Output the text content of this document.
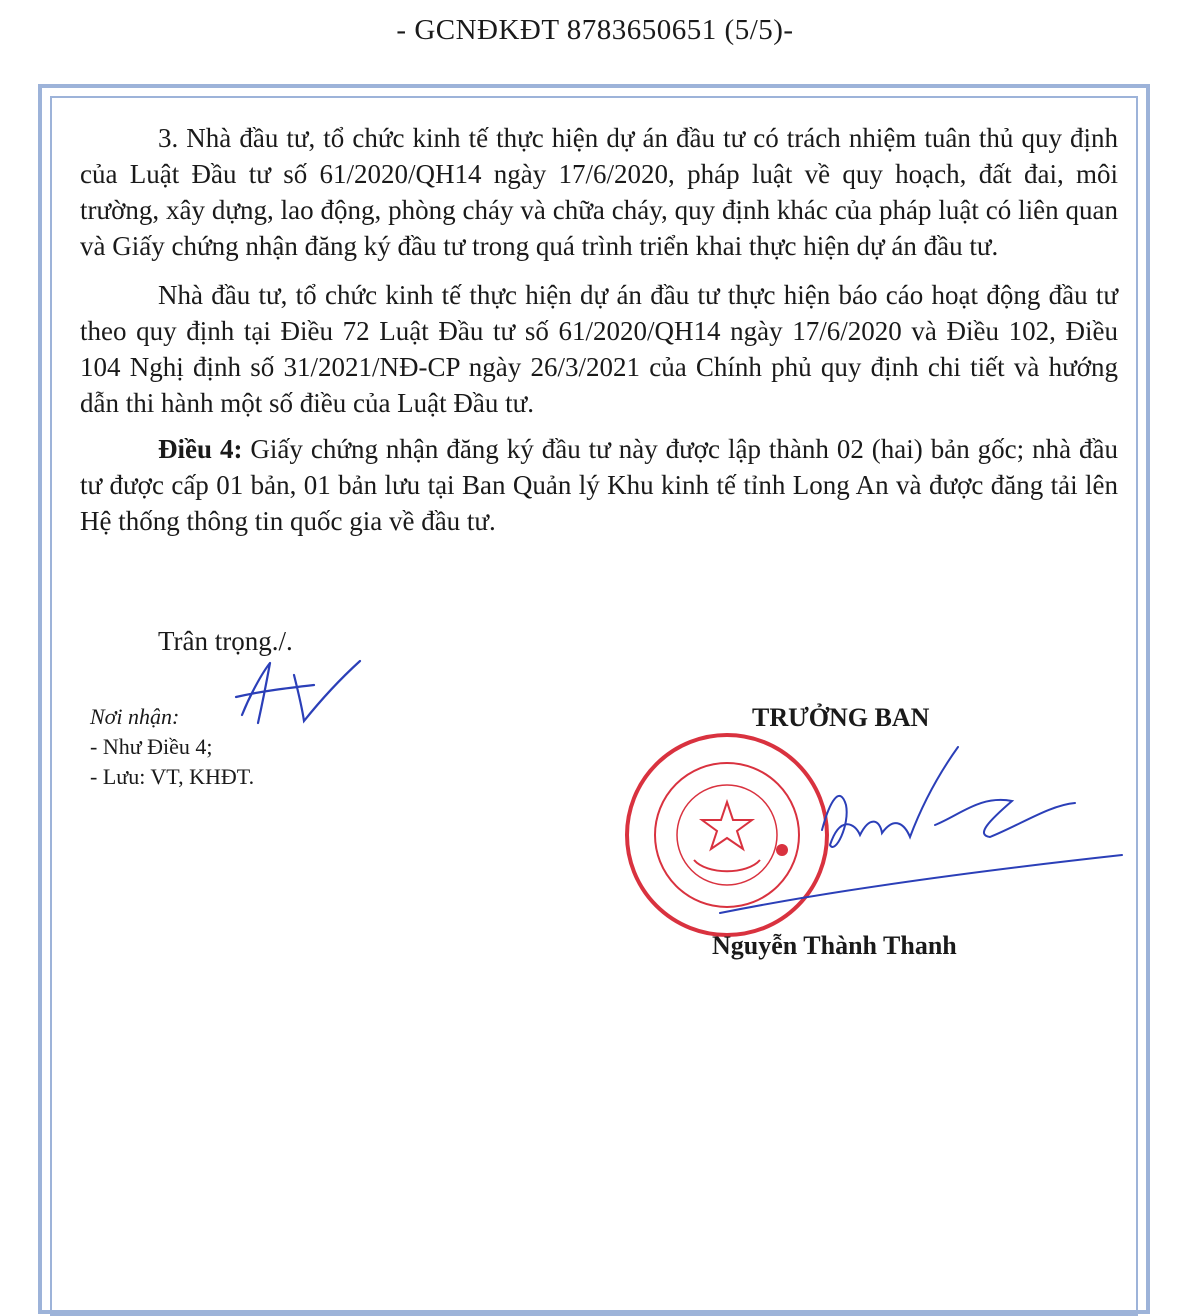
- GCNĐKĐT 8783650651 (5/5)-

3. Nhà đầu tư, tổ chức kinh tế thực hiện dự án đầu tư có trách nhiệm tuân thủ quy định của Luật Đầu tư số 61/2020/QH14 ngày 17/6/2020, pháp luật về quy hoạch, đất đai, môi trường, xây dựng, lao động, phòng cháy và chữa cháy, quy định khác của pháp luật có liên quan và Giấy chứng nhận đăng ký đầu tư trong quá trình triển khai thực hiện dự án đầu tư.

Nhà đầu tư, tổ chức kinh tế thực hiện dự án đầu tư thực hiện báo cáo hoạt động đầu tư theo quy định tại Điều 72 Luật Đầu tư số 61/2020/QH14 ngày 17/6/2020 và Điều 102, Điều 104 Nghị định số 31/2021/NĐ-CP ngày 26/3/2021 của Chính phủ quy định chi tiết và hướng dẫn thi hành một số điều của Luật Đầu tư.

Điều 4: Giấy chứng nhận đăng ký đầu tư này được lập thành 02 (hai) bản gốc; nhà đầu tư được cấp 01 bản, 01 bản lưu tại Ban Quản lý Khu kinh tế tỉnh Long An và được đăng tải lên Hệ thống thông tin quốc gia về đầu tư.

Trân trọng./.
Nơi nhận:
- Như Điều 4;
- Lưu: VT, KHĐT.
TRƯỞNG BAN
Nguyễn Thành Thanh
